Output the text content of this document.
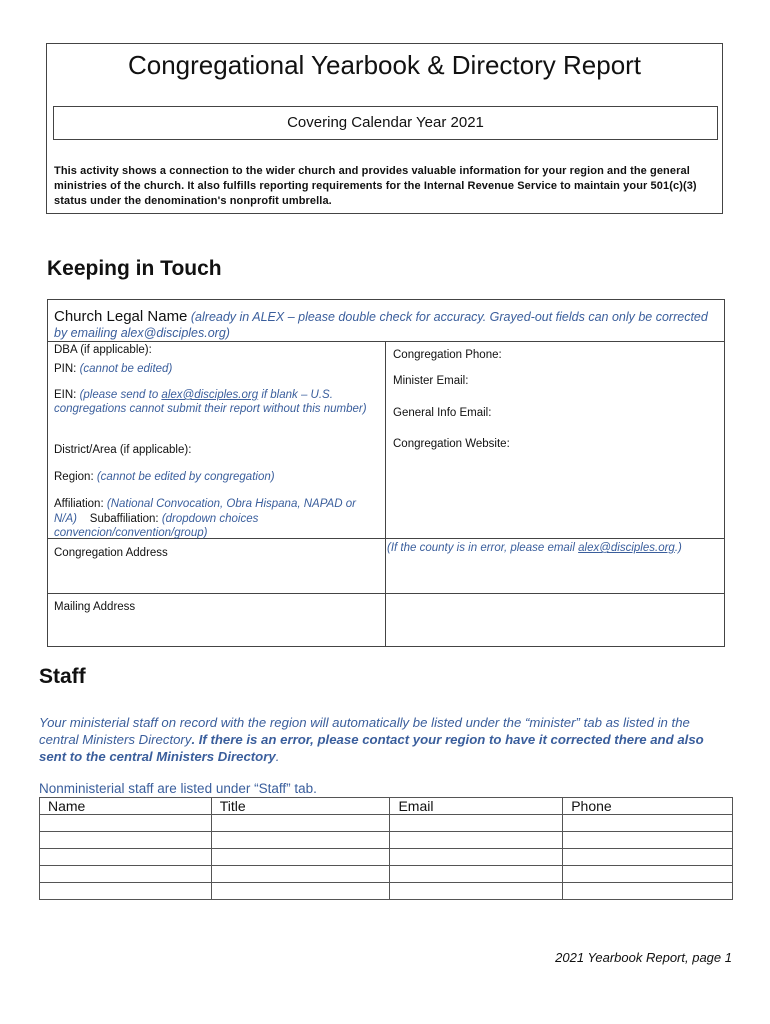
Congregational Yearbook & Directory Report
Covering Calendar Year 2021
This activity shows a connection to the wider church and provides valuable information for your region and the general ministries of the church. It also fulfills reporting requirements for the Internal Revenue Service to maintain your 501(c)(3) status under the denomination's nonprofit umbrella.
Keeping in Touch
Church Legal Name (already in ALEX – please double check for accuracy. Grayed-out fields can only be corrected by emailing alex@disciples.org)
DBA (if applicable):
PIN: (cannot be edited)
EIN: (please send to alex@disciples.org if blank – U.S. congregations cannot submit their report without this number)
District/Area (if applicable):
Region: (cannot be edited by congregation)
Affiliation: (National Convocation, Obra Hispana, NAPAD or N/A) Subaffiliation: (dropdown choices convencion/convention/group)
Congregation Phone:
Minister Email:
General Info Email:
Congregation Website:
Congregation Address	(If the county is in error, please email alex@disciples.org.)
Mailing Address
Staff
Your ministerial staff on record with the region will automatically be listed under the “minister” tab as listed in the central Ministers Directory. If there is an error, please contact your region to have it corrected there and also sent to the central Ministers Directory.
Nonministerial staff are listed under “Staff” tab.
Name	Title	Email	Phone

2021 Yearbook Report, page 1
